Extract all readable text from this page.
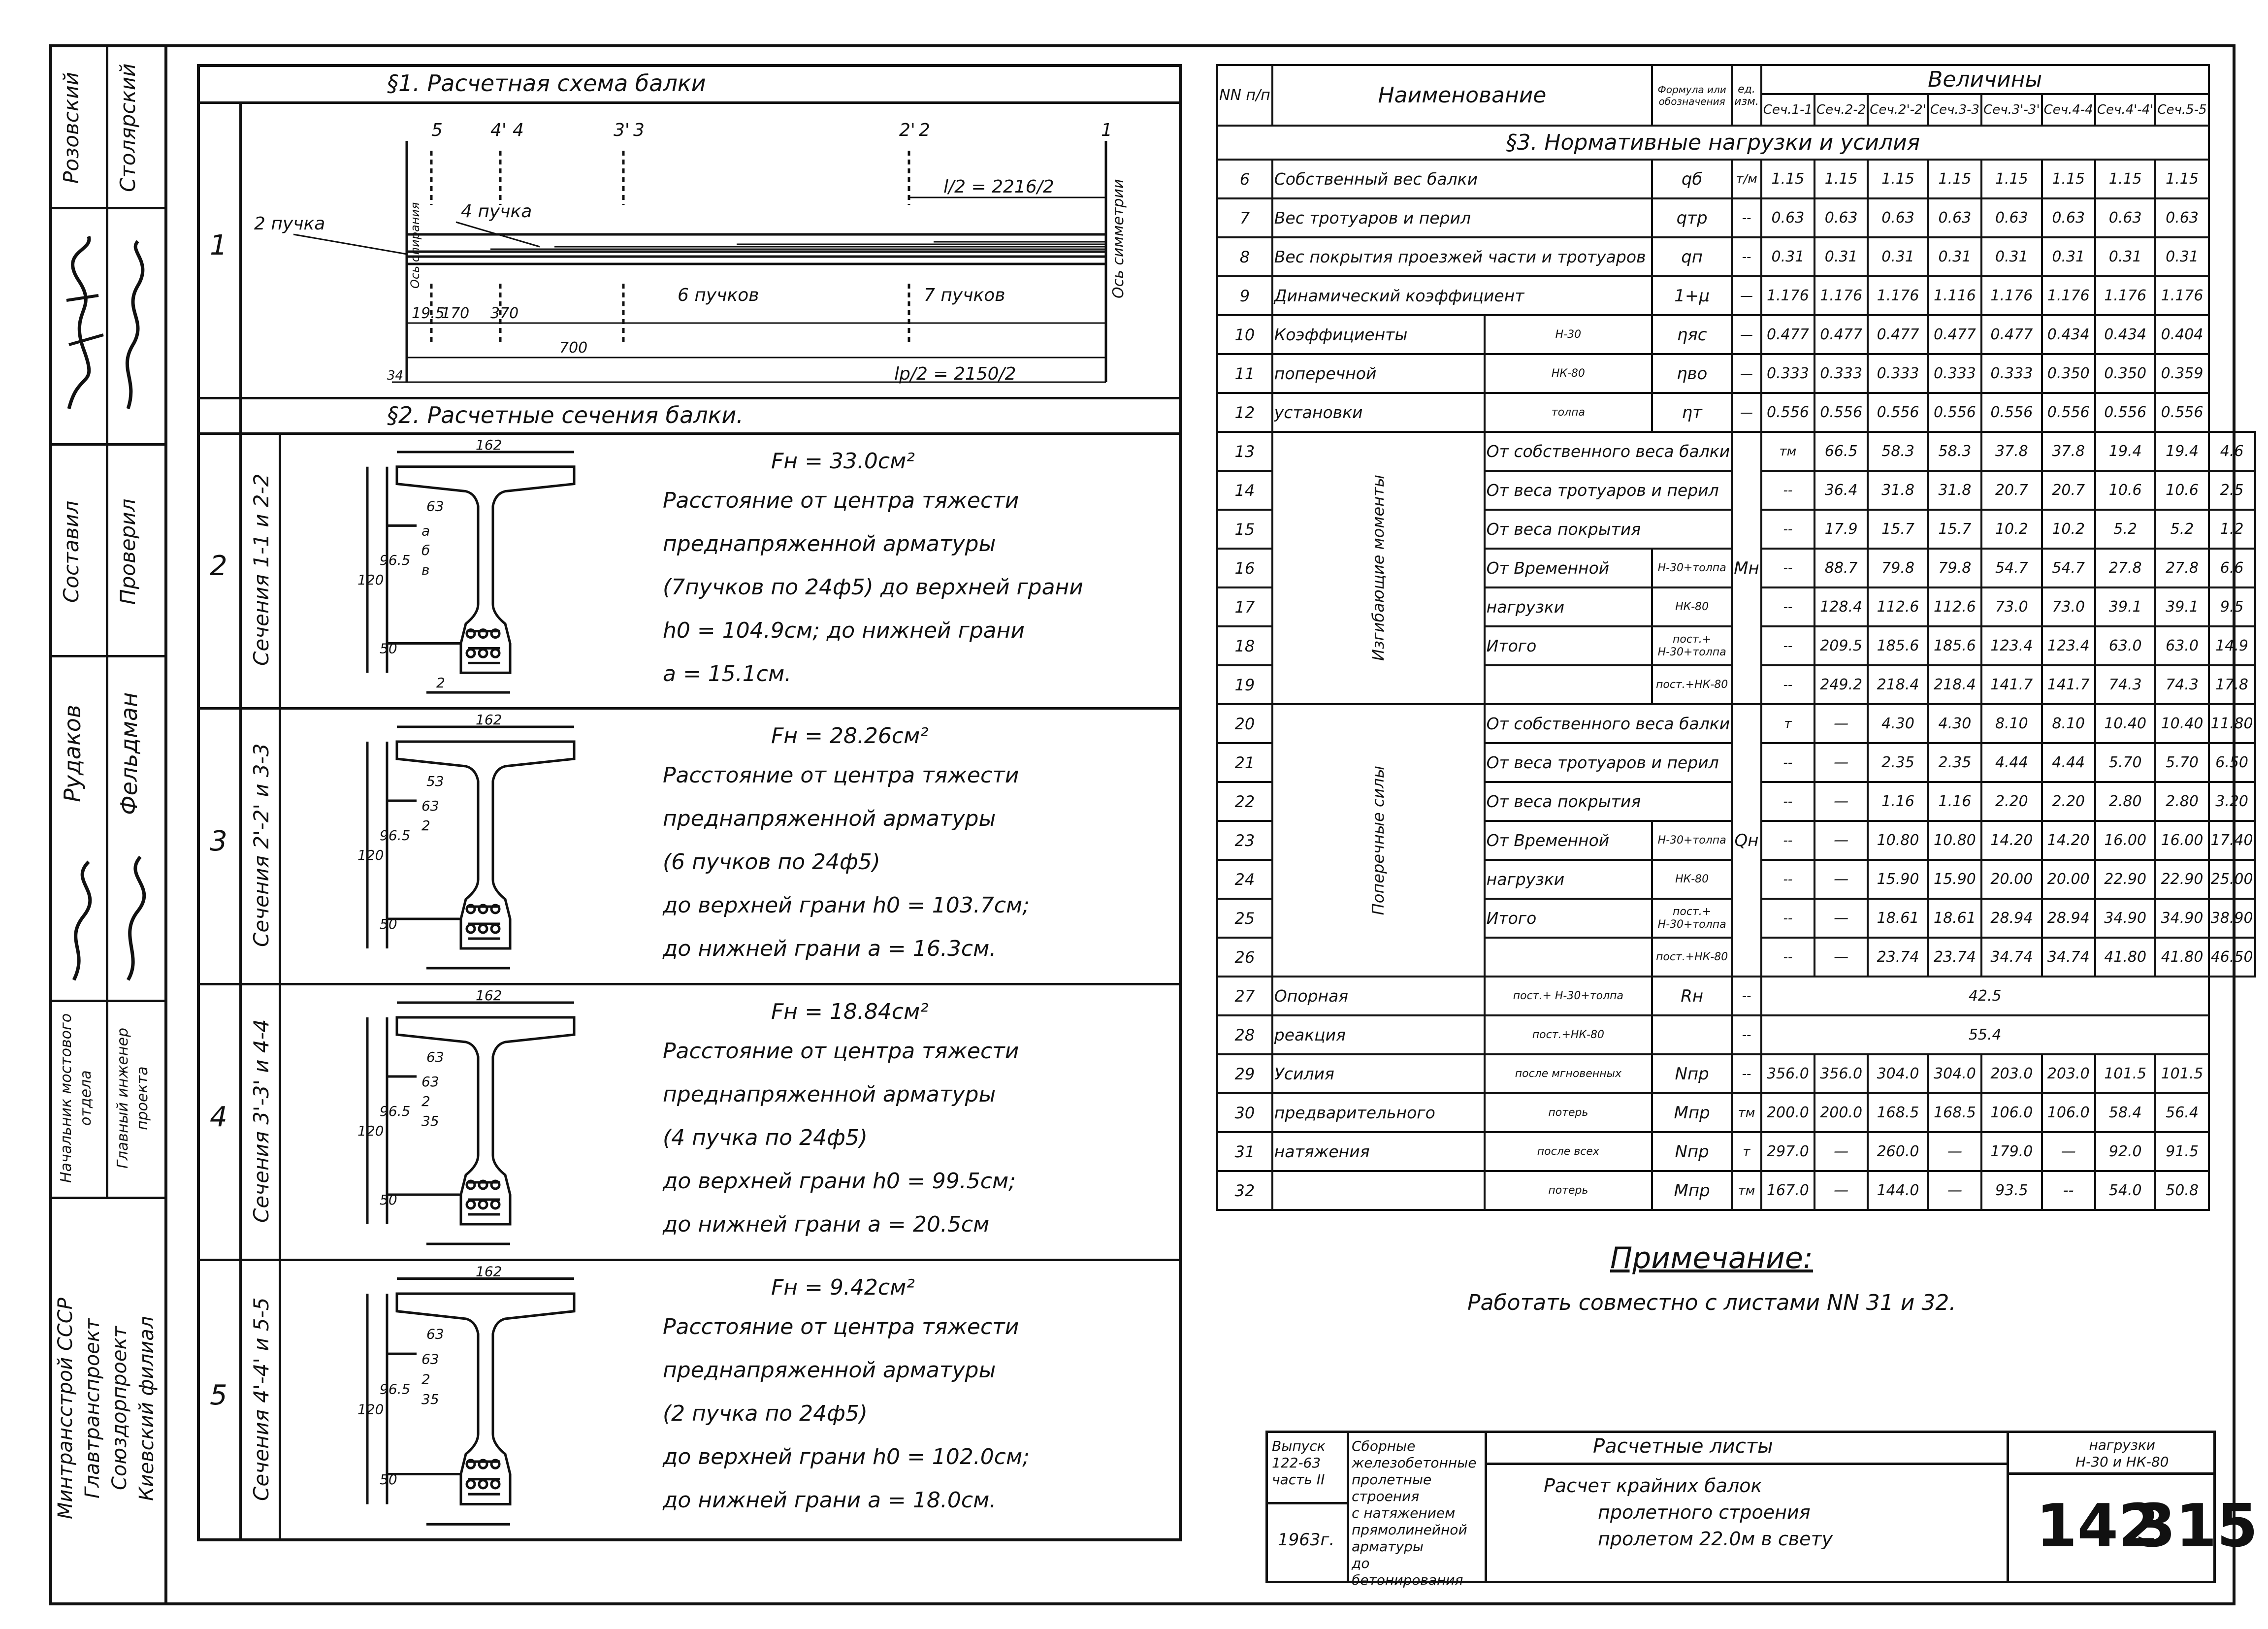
Розовский Столярский
Составил Проверил
Рудаков Фельдман
Начальник мостового отдела	Главный инженер проекта
Минтрансстрой СССР Главтранспроект Союздорпроект Киевский филиал
§1. Расчетная схема балки
1
5	4' 4	3' 3	2' 2	1
l/2 = 2216/2
2 пучка
4 пучка
6 пучков	7 пучков
19.5
170 370
700
34	lp/2 = 2150/2
Ось симметрии
Ось опирания
§2. Расчетные сечения балки.
2 Сечения 1-1 и 2-2
162
120
96.5
50
63
a
б
в
2
Fн = 33.0см²
Расстояние от центра тяжести
преднапряженной арматуры
(7пучков по 24ф5) до верхней грани
h0 = 104.9см; до нижней грани
a = 15.1см.
3 Сечения 2'-2' и 3-3
162
120
96.5
50
53
63
2
Fн = 28.26см²
Расстояние от центра тяжести
преднапряженной арматуры
(6 пучков по 24ф5)
до верхней грани h0 = 103.7см;
до нижней грани a = 16.3см.
4 Сечения 3'-3' и 4-4
162
120
96.5
50
63
63
2
35
Fн = 18.84см²
Расстояние от центра тяжести
преднапряженной арматуры
(4 пучка по 24ф5)
до верхней грани h0 = 99.5см;
до нижней грани a = 20.5см
5 Сечения 4'-4' и 5-5
162
120
96.5
50
63
63
2
35
Fн = 9.42см²
Расстояние от центра тяжести
преднапряженной арматуры
(2 пучка по 24ф5)
до верхней грани h0 = 102.0см;
до нижней грани a = 18.0см.
NN п/п	Наименование		Формула или обозначения	ед. изм.	Величины								
					Сеч.1-1	Сеч.2-2	Сеч.2'-2'	Сеч.3-3	Сеч.3'-3'	Сеч.4-4	Сеч.4'-4'	Сеч.5-5	
§3. Нормативные нагрузки и усилия													
6	Собственный вес балки		qб	т/м	1.15	1.15	1.15	1.15	1.15	1.15	1.15	1.15	
7	Вес тротуаров и перил		qтр	--	0.63	0.63	0.63	0.63	0.63	0.63	0.63	0.63	
8	Вес покрытия проезжей части и тротуаров		qп	--	0.31	0.31	0.31	0.31	0.31	0.31	0.31	0.31	
9	Динамический коэффициент		1+μ	—	1.176	1.176	1.176	1.116	1.176	1.176	1.176	1.176	
10	Коэффициенты	Н-30	ηяс	—	0.477	0.477	0.477	0.477	0.477	0.434	0.434	0.404	
11	поперечной	НК-80	ηво	—	0.333	0.333	0.333	0.333	0.333	0.350	0.350	0.359	
12	установки	толпа	ηт	—	0.556	0.556	0.556	0.556	0.556	0.556	0.556	0.556	
13	Изгибающие моменты	От собственного веса балки		Mн	тм	66.5	58.3	58.3	37.8	37.8	19.4	19.4	4.6
14		От веса тротуаров и перил			--	36.4	31.8	31.8	20.7	20.7	10.6	10.6	2.5
15		От веса покрытия			--	17.9	15.7	15.7	10.2	10.2	5.2	5.2	1.2
16		От Временной	Н-30+толпа		--	88.7	79.8	79.8	54.7	54.7	27.8	27.8	6.6
17		нагрузки	НК-80		--	128.4	112.6	112.6	73.0	73.0	39.1	39.1	9.5
18		Итого	пост.+ Н-30+толпа		--	209.5	185.6	185.6	123.4	123.4	63.0	63.0	14.9
19			пост.+НК-80		--	249.2	218.4	218.4	141.7	141.7	74.3	74.3	17.8
20	Поперечные силы	От собственного веса балки		Qн	т	—	4.30	4.30	8.10	8.10	10.40	10.40	11.80
21		От веса тротуаров и перил			--	—	2.35	2.35	4.44	4.44	5.70	5.70	6.50
22		От веса покрытия			--	—	1.16	1.16	2.20	2.20	2.80	2.80	3.20
23		От Временной	Н-30+толпа		--	—	10.80	10.80	14.20	14.20	16.00	16.00	17.40
24		нагрузки	НК-80		--	—	15.90	15.90	20.00	20.00	22.90	22.90	25.00
25		Итого	пост.+ Н-30+толпа		--	—	18.61	18.61	28.94	28.94	34.90	34.90	38.90
26			пост.+НК-80		--	—	23.74	23.74	34.74	34.74	41.80	41.80	46.50
27	Опорная	пост.+ Н-30+толпа	Rн	--	42.5								
28	реакция	пост.+НК-80		--	55.4								
29	Усилия	после мгновенных	Nпр	--	356.0	356.0	304.0	304.0	203.0	203.0	101.5	101.5	
30	предварительного	потерь	Mпр	тм	200.0	200.0	168.5	168.5	106.0	106.0	58.4	56.4	
31	натяжения	после всех	Nпр	т	297.0	—	260.0	—	179.0	—	92.0	91.5	
32		потерь	Mпр	тм	167.0	—	144.0	—	93.5	--	54.0	50.8	
Примечание:
Работать совместно с листами NN 31 и 32.
Выпуск 122-63 часть II
1963г.
Сборные железобетонные
пролетные строения
с натяжением
прямолинейной
арматуры
до бетонирования
Расчетные листы
Расчет крайних балок
пролетного строения
пролетом 22.0м в свету
нагрузки
Н-30 и НК-80
142
315
